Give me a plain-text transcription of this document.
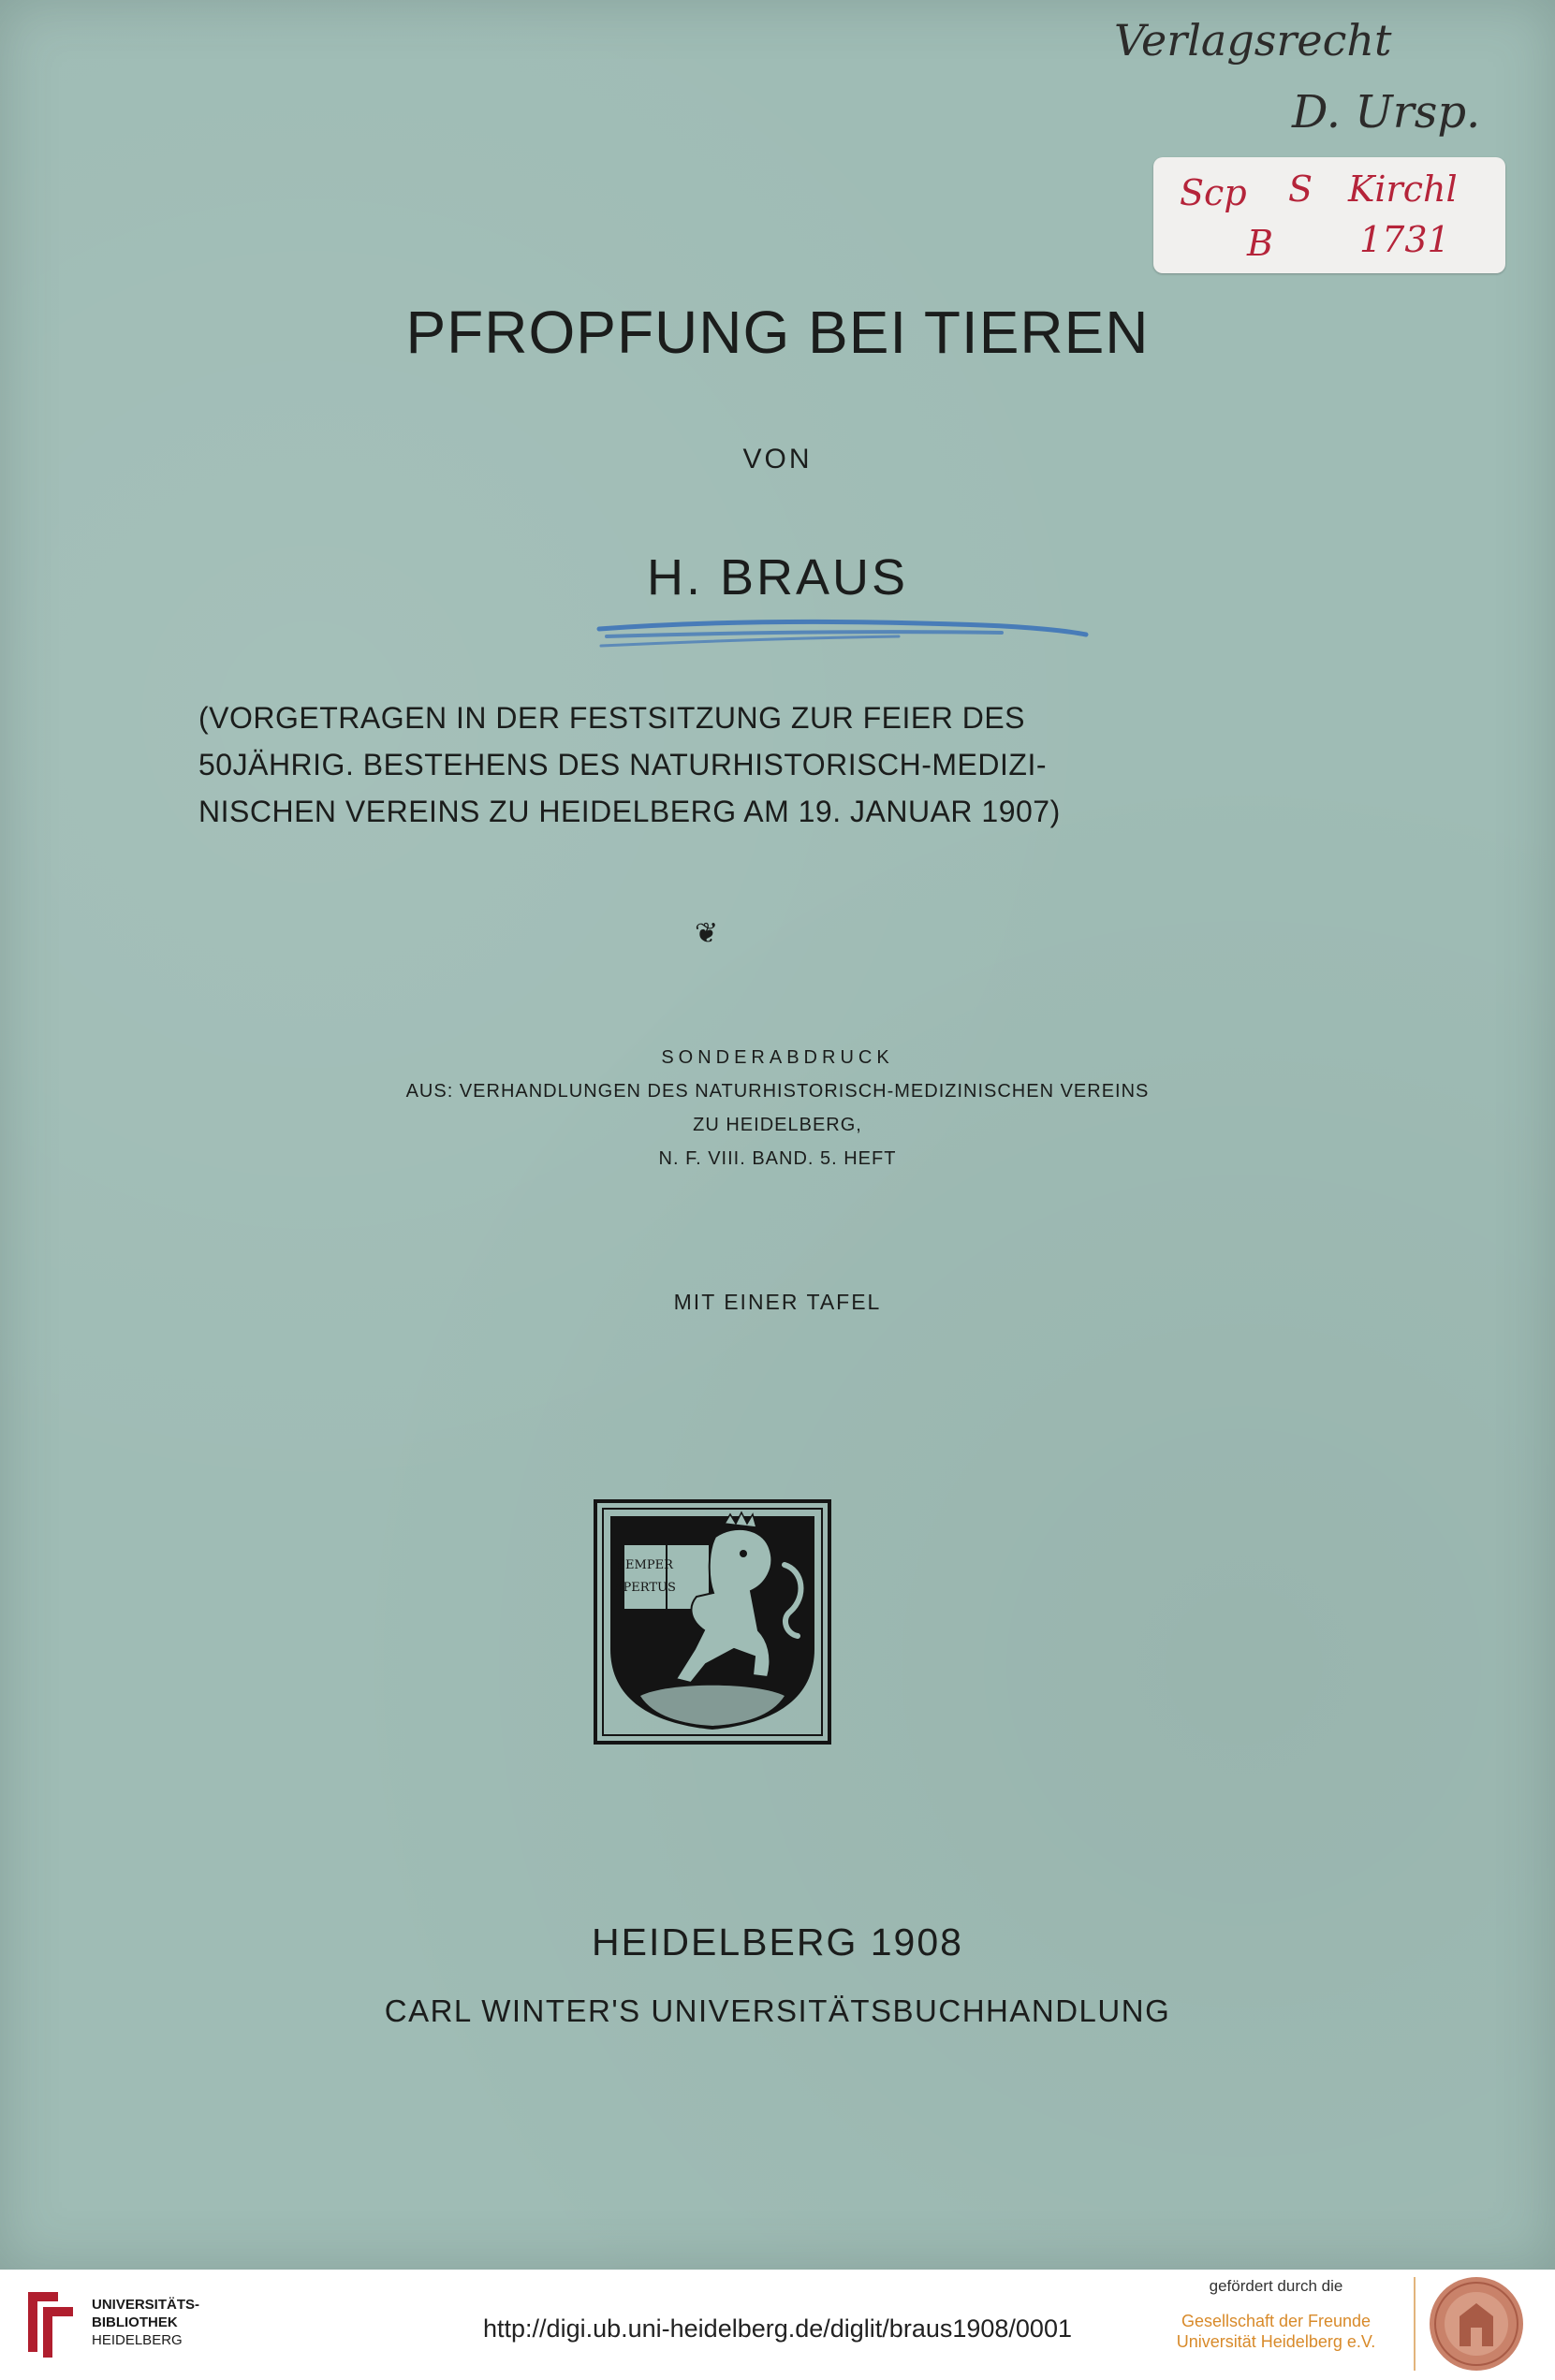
Verlagsrecht
D. Ursp.
Scp S Kirchl
B 1731
PFROPFUNG BEI TIEREN
VON
H. BRAUS
(VORGETRAGEN IN DER FESTSITZUNG ZUR FEIER DES
50JÄHRIG. BESTEHENS DES NATURHISTORISCH-MEDIZI-
NISCHEN VEREINS ZU HEIDELBERG AM 19. JANUAR 1907)
❦
SONDERABDRUCK
AUS: VERHANDLUNGEN DES NATURHISTORISCH-MEDIZINISCHEN VEREINS
ZU HEIDELBERG,
N. F. VIII. BAND. 5. HEFT
MIT EINER TAFEL
SEMPER
APERTUS
HEIDELBERG 1908
CARL WINTER'S UNIVERSITÄTSBUCHHANDLUNG
UNIVERSITÄTS-
BIBLIOTHEK
HEIDELBERG	http://digi.ub.uni-heidelberg.de/diglit/braus1908/0001
gefördert durch die
Gesellschaft der Freunde
Universität Heidelberg e.V.
